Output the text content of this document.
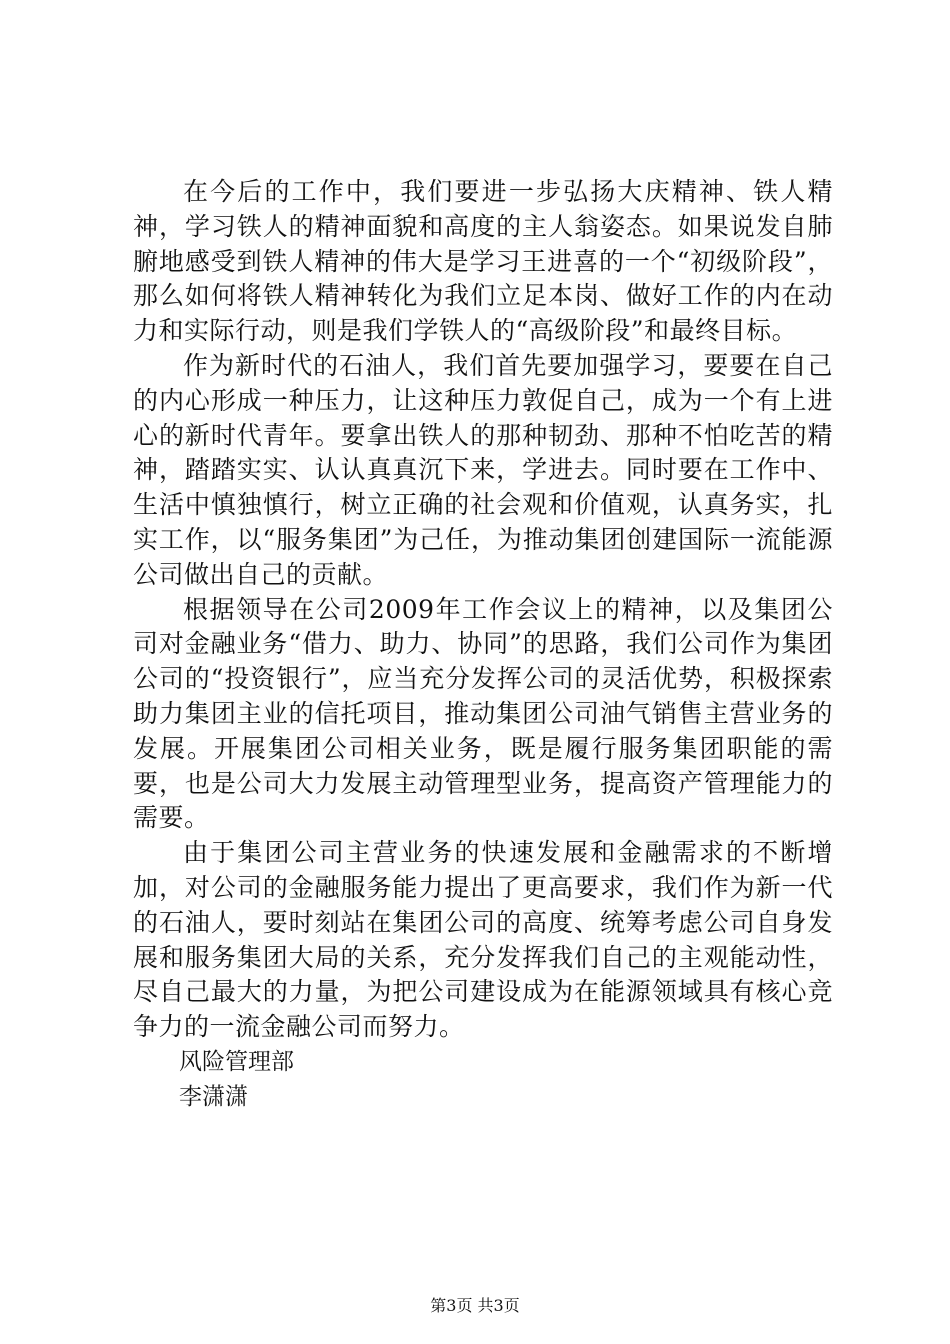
在今后的工作中，我们要进一步弘扬大庆精神、铁人精神，学习铁人的精神面貌和高度的主人翁姿态。如果说发自肺腑地感受到铁人精神的伟大是学习王进喜的一个“初级阶段”，那么如何将铁人精神转化为我们立足本岗、做好工作的内在动力和实际行动，则是我们学铁人的“高级阶段”和最终目标。

作为新时代的石油人，我们首先要加强学习，要要在自己的内心形成一种压力，让这种压力敦促自己，成为一个有上进心的新时代青年。要拿出铁人的那种韧劲、那种不怕吃苦的精神，踏踏实实、认认真真沉下来，学进去。同时要在工作中、生活中慎独慎行，树立正确的社会观和价值观，认真务实，扎实工作，以“服务集团”为己任，为推动集团创建国际一流能源公司做出自己的贡献。

根据领导在公司2009年工作会议上的精神，以及集团公司对金融业务“借力、助力、协同”的思路，我们公司作为集团公司的“投资银行”，应当充分发挥公司的灵活优势，积极探索助力集团主业的信托项目，推动集团公司油气销售主营业务的发展。开展集团公司相关业务，既是履行服务集团职能的需要，也是公司大力发展主动管理型业务，提高资产管理能力的需要。

由于集团公司主营业务的快速发展和金融需求的不断增加，对公司的金融服务能力提出了更高要求，我们作为新一代的石油人，要时刻站在集团公司的高度、统筹考虑公司自身发展和服务集团大局的关系，充分发挥我们自己的主观能动性，尽自己最大的力量，为把公司建设成为在能源领域具有核心竞争力的一流金融公司而努力。

风险管理部

李潇潇

第3页 共3页
